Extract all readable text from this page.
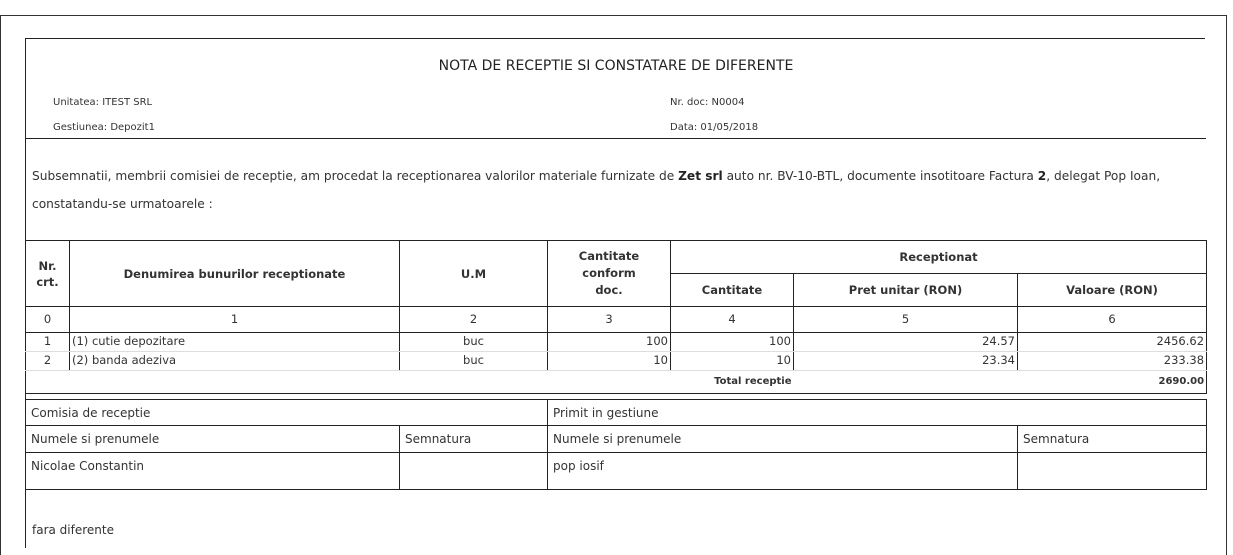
NOTA DE RECEPTIE SI CONSTATARE DE DIFERENTE
Unitatea: ITEST SRL
Gestiunea: Depozit1
Nr. doc: N0004
Data: 01/05/2018
Subsemnatii, membrii comisiei de receptie, am procedat la receptionarea valorilor materiale furnizate de Zet srl auto nr. BV-10-BTL, documente insotitoare Factura 2, delegat Pop Ioan,
constatandu-se urmatoarele :
Nr. crt.	Denumirea bunurilor receptionate	U.M	Cantitate conform doc.	Receptionat		
				Cantitate	Pret unitar (RON)	Valoare (RON)
0	1	2	3	4	5	6
1	(1) cutie depozitare	buc	100	100	24.57	2456.62
2	(2) banda adeziva	buc	10	10	23.34	233.38
Total receptie						2690.00
Comisia de receptie		Primit in gestiune	
Numele si prenumele	Semnatura	Numele si prenumele	Semnatura
Nicolae Constantin		pop iosif	
fara diferente
